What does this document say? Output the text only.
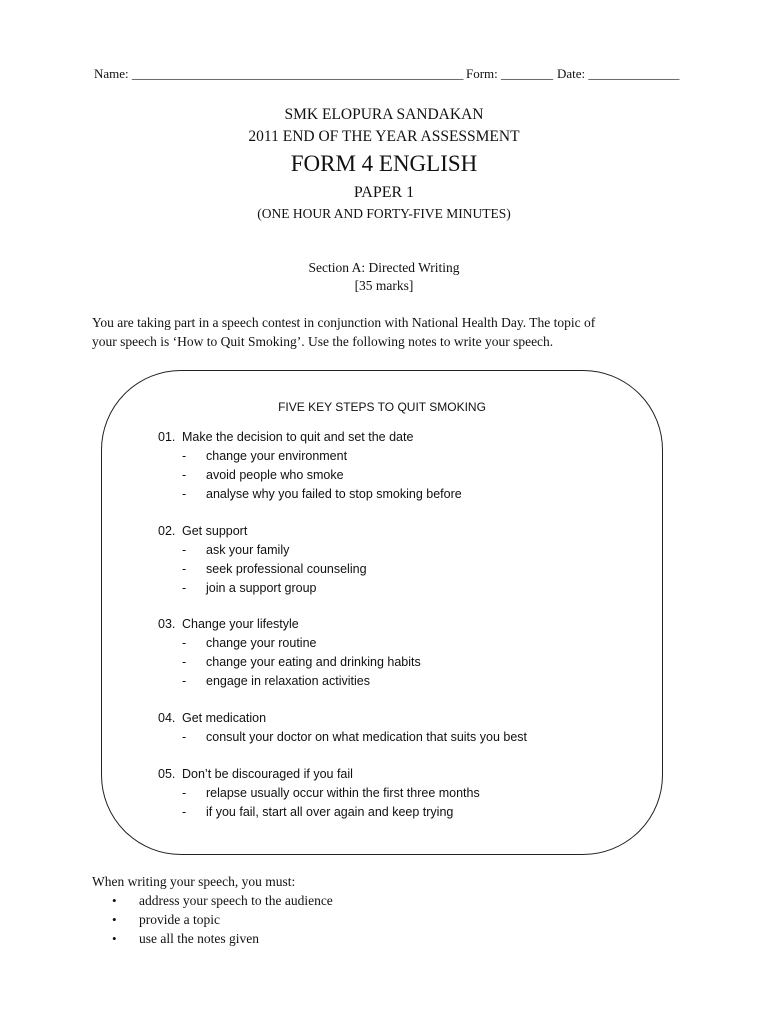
Name: ___________________________________________________ Form: ________ Date: ______________
SMK ELOPURA SANDAKAN
2011 END OF THE YEAR ASSESSMENT
FORM 4 ENGLISH
PAPER 1
(ONE HOUR AND FORTY-FIVE MINUTES)
Section A: Directed Writing
[35 marks]
You are taking part in a speech contest in conjunction with National Health Day. The topic of
your speech is ‘How to Quit Smoking’. Use the following notes to write your speech.
FIVE KEY STEPS TO QUIT SMOKING
01. Make the decision to quit and set the date
- change your environment
- avoid people who smoke
- analyse why you failed to stop smoking before
02. Get support
- ask your family
- seek professional counseling
- join a support group
03. Change your lifestyle
- change your routine
- change your eating and drinking habits
- engage in relaxation activities
04. Get medication
- consult your doctor on what medication that suits you best
05. Don’t be discouraged if you fail
- relapse usually occur within the first three months
- if you fail, start all over again and keep trying
When writing your speech, you must:
• address your speech to the audience
• provide a topic
• use all the notes given
